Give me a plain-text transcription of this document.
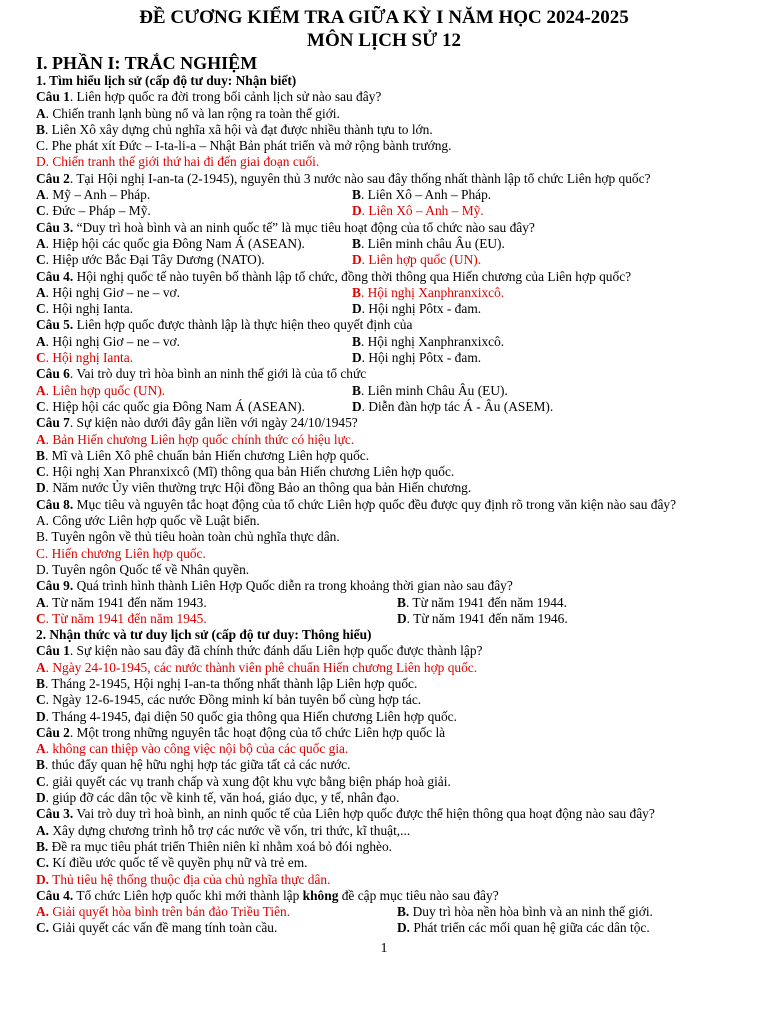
ĐỀ CƯƠNG KIỂM TRA GIỮA KỲ I NĂM HỌC 2024-2025
MÔN LỊCH SỬ 12
I. PHẦN I: TRẮC NGHIỆM
1. Tìm hiểu lịch sử (cấp độ tư duy: Nhận biết)
Câu 1. Liên hợp quốc ra đời trong bối cảnh lịch sử nào sau đây?
A. Chiến tranh lạnh bùng nổ và lan rộng ra toàn thế giới.
B. Liên Xô xây dựng chủ nghĩa xã hội và đạt được nhiều thành tựu to lớn.
C. Phe phát xít Đức – I-ta-li-a – Nhật Bản phát triển và mở rộng bành trướng.
D. Chiến tranh thế giới thứ hai đi đến giai đoạn cuối.
Câu 2. Tại Hội nghị I-an-ta (2-1945), nguyên thủ 3 nước nào sau đây thống nhất thành lập tổ chức Liên hợp quốc?
A. Mỹ – Anh – Pháp.	B. Liên Xô – Anh – Pháp.
C. Đức – Pháp – Mỹ.	D. Liên Xô – Anh – Mỹ.
Câu 3. “Duy trì hoà bình và an ninh quốc tế” là mục tiêu hoạt động của tổ chức nào sau đây?
A. Hiệp hội các quốc gia Đông Nam Á (ASEAN).	B. Liên minh châu Âu (EU).
C. Hiệp ước Bắc Đại Tây Dương (NATO).	D. Liên hợp quốc (UN).
Câu 4. Hội nghị quốc tế nào tuyên bố thành lập tổ chức, đồng thời thông qua Hiến chương của Liên hợp quốc?
A. Hội nghị Giơ – ne – vơ.	B. Hội nghị Xanphranxixcô.
C. Hội nghị Ianta.	D. Hội nghị Pôtx - đam.
Câu 5. Liên hợp quốc được thành lập là thực hiện theo quyết định của
A. Hội nghị Giơ – ne – vơ.	B. Hội nghị Xanphranxixcô.
C. Hội nghị Ianta.	D. Hội nghị Pôtx - đam.
Câu 6. Vai trò duy trì hòa bình an ninh thế giới là của tổ chức
A. Liên hợp quốc (UN).	B. Liên minh Châu Âu (EU).
C. Hiệp hội các quốc gia Đông Nam Á (ASEAN).	D. Diễn đàn hợp tác Á - Âu (ASEM).
Câu 7. Sự kiện nào dưới đây gắn liền với ngày 24/10/1945?
A. Bản Hiến chương Liên hợp quốc chính thức có hiệu lực.
B. Mĩ và Liên Xô phê chuẩn bản Hiến chương Liên hợp quốc.
C. Hội nghị Xan Phranxixcô (Mĩ) thông qua bản Hiến chương Liên hợp quốc.
D. Năm nước Ủy viên thường trực Hội đồng Bảo an thông qua bản Hiến chương.
Câu 8. Mục tiêu và nguyên tắc hoạt động của tổ chức Liên hợp quốc đều được quy định rõ trong văn kiện nào sau đây?
A. Công ước Liên hợp quốc về Luật biển.
B. Tuyên ngôn về thủ tiêu hoàn toàn chủ nghĩa thực dân.
C. Hiến chương Liên hợp quốc.
D. Tuyên ngôn Quốc tế về Nhân quyền.
Câu 9. Quá trình hình thành Liên Hợp Quốc diễn ra trong khoảng thời gian nào sau đây?
A. Từ năm 1941 đến năm 1943.	B. Từ năm 1941 đến năm 1944.
C. Từ năm 1941 đến năm 1945.	D. Từ năm 1941 đến năm 1946.
2. Nhận thức và tư duy lịch sử (cấp độ tư duy: Thông hiểu)
Câu 1. Sự kiện nào sau đây đã chính thức đánh dấu Liên hợp quốc được thành lập?
A. Ngày 24-10-1945, các nước thành viên phê chuẩn Hiến chương Liên hợp quốc.
B. Tháng 2-1945, Hội nghị I-an-ta thống nhất thành lập Liên hợp quốc.
C. Ngày 12-6-1945, các nước Đồng minh kí bản tuyên bố cùng hợp tác.
D. Tháng 4-1945, đại diện 50 quốc gia thông qua Hiến chương Liên hợp quốc.
Câu 2. Một trong những nguyên tắc hoạt động của tổ chức Liên hợp quốc là
A. không can thiệp vào công việc nội bộ của các quốc gia.
B. thúc đẩy quan hệ hữu nghị hợp tác giữa tất cả các nước.
C. giải quyết các vụ tranh chấp và xung đột khu vực bằng biện pháp hoà giải.
D. giúp đỡ các dân tộc về kinh tế, văn hoá, giáo dục, y tế, nhân đạo.
Câu 3. Vai trò duy trì hoà bình, an ninh quốc tế của Liên hợp quốc được thể hiện thông qua hoạt động nào sau đây?
A. Xây dựng chương trình hỗ trợ các nước về vốn, tri thức, kĩ thuật,...
B. Đề ra mục tiêu phát triển Thiên niên kỉ nhằm xoá bỏ đói nghèo.
C. Kí điều ước quốc tế về quyền phụ nữ và trẻ em.
D. Thủ tiêu hệ thống thuộc địa của chủ nghĩa thực dân.
Câu 4. Tổ chức Liên hợp quốc khi mới thành lập không đề cập mục tiêu nào sau đây?
A. Giải quyết hòa bình trên bán đảo Triều Tiên.	B. Duy trì hòa nền hòa bình và an ninh thế giới.
C. Giải quyết các vấn đề mang tính toàn cầu.	D. Phát triển các mối quan hệ giữa các dân tộc.
1
